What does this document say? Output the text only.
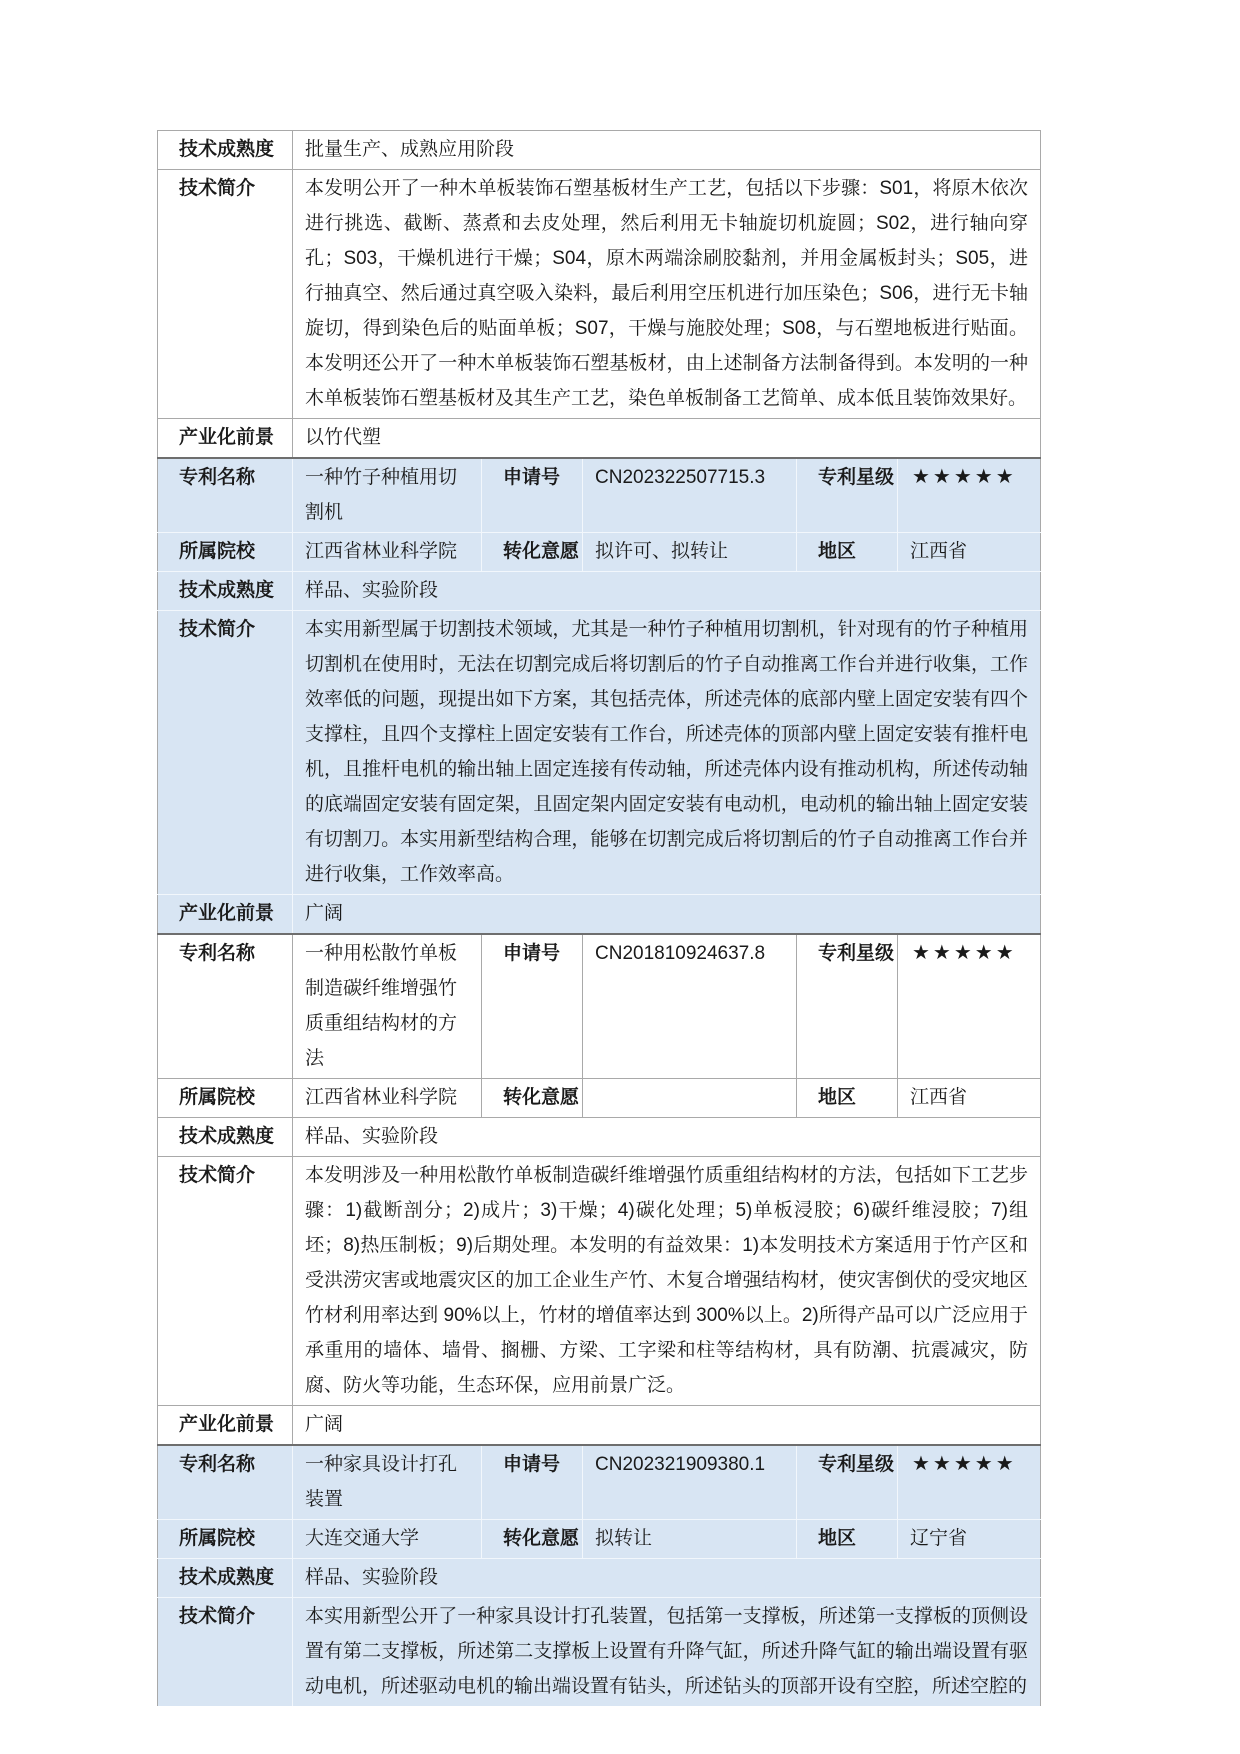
技术成熟度	批量生产、成熟应用阶段				
技术简介	本发明公开了一种木单板装饰石塑基板材生产工艺，包括以下步骤：S01，将原木依次进行挑选、截断、蒸煮和去皮处理，然后利用无卡轴旋切机旋圆；S02，进行轴向穿孔；S03，干燥机进行干燥；S04，原木两端涂刷胶黏剂，并用金属板封头；S05，进行抽真空、然后通过真空吸入染料，最后利用空压机进行加压染色；S06，进行无卡轴旋切，得到染色后的贴面单板；S07，干燥与施胶处理；S08，与石塑地板进行贴面。本发明还公开了一种木单板装饰石塑基板材，由上述制备方法制备得到。本发明的一种木单板装饰石塑基板材及其生产工艺，染色单板制备工艺简单、成本低且装饰效果好。				
产业化前景	以竹代塑				
专利名称	一种竹子种植用切割机	申请号	CN202322507715.3	专利星级	★★★★★
所属院校	江西省林业科学院	转化意愿	拟许可、拟转让	地区	江西省
技术成熟度	样品、实验阶段				
技术简介	本实用新型属于切割技术领域，尤其是一种竹子种植用切割机，针对现有的竹子种植用切割机在使用时，无法在切割完成后将切割后的竹子自动推离工作台并进行收集，工作效率低的问题，现提出如下方案，其包括壳体，所述壳体的底部内壁上固定安装有四个支撑柱，且四个支撑柱上固定安装有工作台，所述壳体的顶部内壁上固定安装有推杆电机，且推杆电机的输出轴上固定连接有传动轴，所述壳体内设有推动机构，所述传动轴的底端固定安装有固定架，且固定架内固定安装有电动机，电动机的输出轴上固定安装有切割刀。本实用新型结构合理，能够在切割完成后将切割后的竹子自动推离工作台并进行收集，工作效率高。				
产业化前景	广阔				
专利名称	一种用松散竹单板制造碳纤维增强竹质重组结构材的方法	申请号	CN201810924637.8	专利星级	★★★★★
所属院校	江西省林业科学院	转化意愿		地区	江西省
技术成熟度	样品、实验阶段				
技术简介	本发明涉及一种用松散竹单板制造碳纤维增强竹质重组结构材的方法，包括如下工艺步骤：1)截断剖分；2)成片；3)干燥；4)碳化处理；5)单板浸胶；6)碳纤维浸胶；7)组坯；8)热压制板；9)后期处理。本发明的有益效果：1)本发明技术方案适用于竹产区和受洪涝灾害或地震灾区的加工企业生产竹、木复合增强结构材，使灾害倒伏的受灾地区竹材利用率达到 90%以上，竹材的增值率达到 300%以上。2)所得产品可以广泛应用于承重用的墙体、墙骨、搁栅、方梁、工字梁和柱等结构材，具有防潮、抗震减灾，防腐、防火等功能，生态环保，应用前景广泛。				
产业化前景	广阔				
专利名称	一种家具设计打孔装置	申请号	CN202321909380.1	专利星级	★★★★★
所属院校	大连交通大学	转化意愿	拟转让	地区	辽宁省
技术成熟度	样品、实验阶段				
技术简介	本实用新型公开了一种家具设计打孔装置，包括第一支撑板，所述第一支撑板的顶侧设置有第二支撑板，所述第二支撑板上设置有升降气缸，所述升降气缸的输出端设置有驱动电机，所述驱动电机的输出端设置有钻头，所述钻头的顶部开设有空腔，所述空腔的				
